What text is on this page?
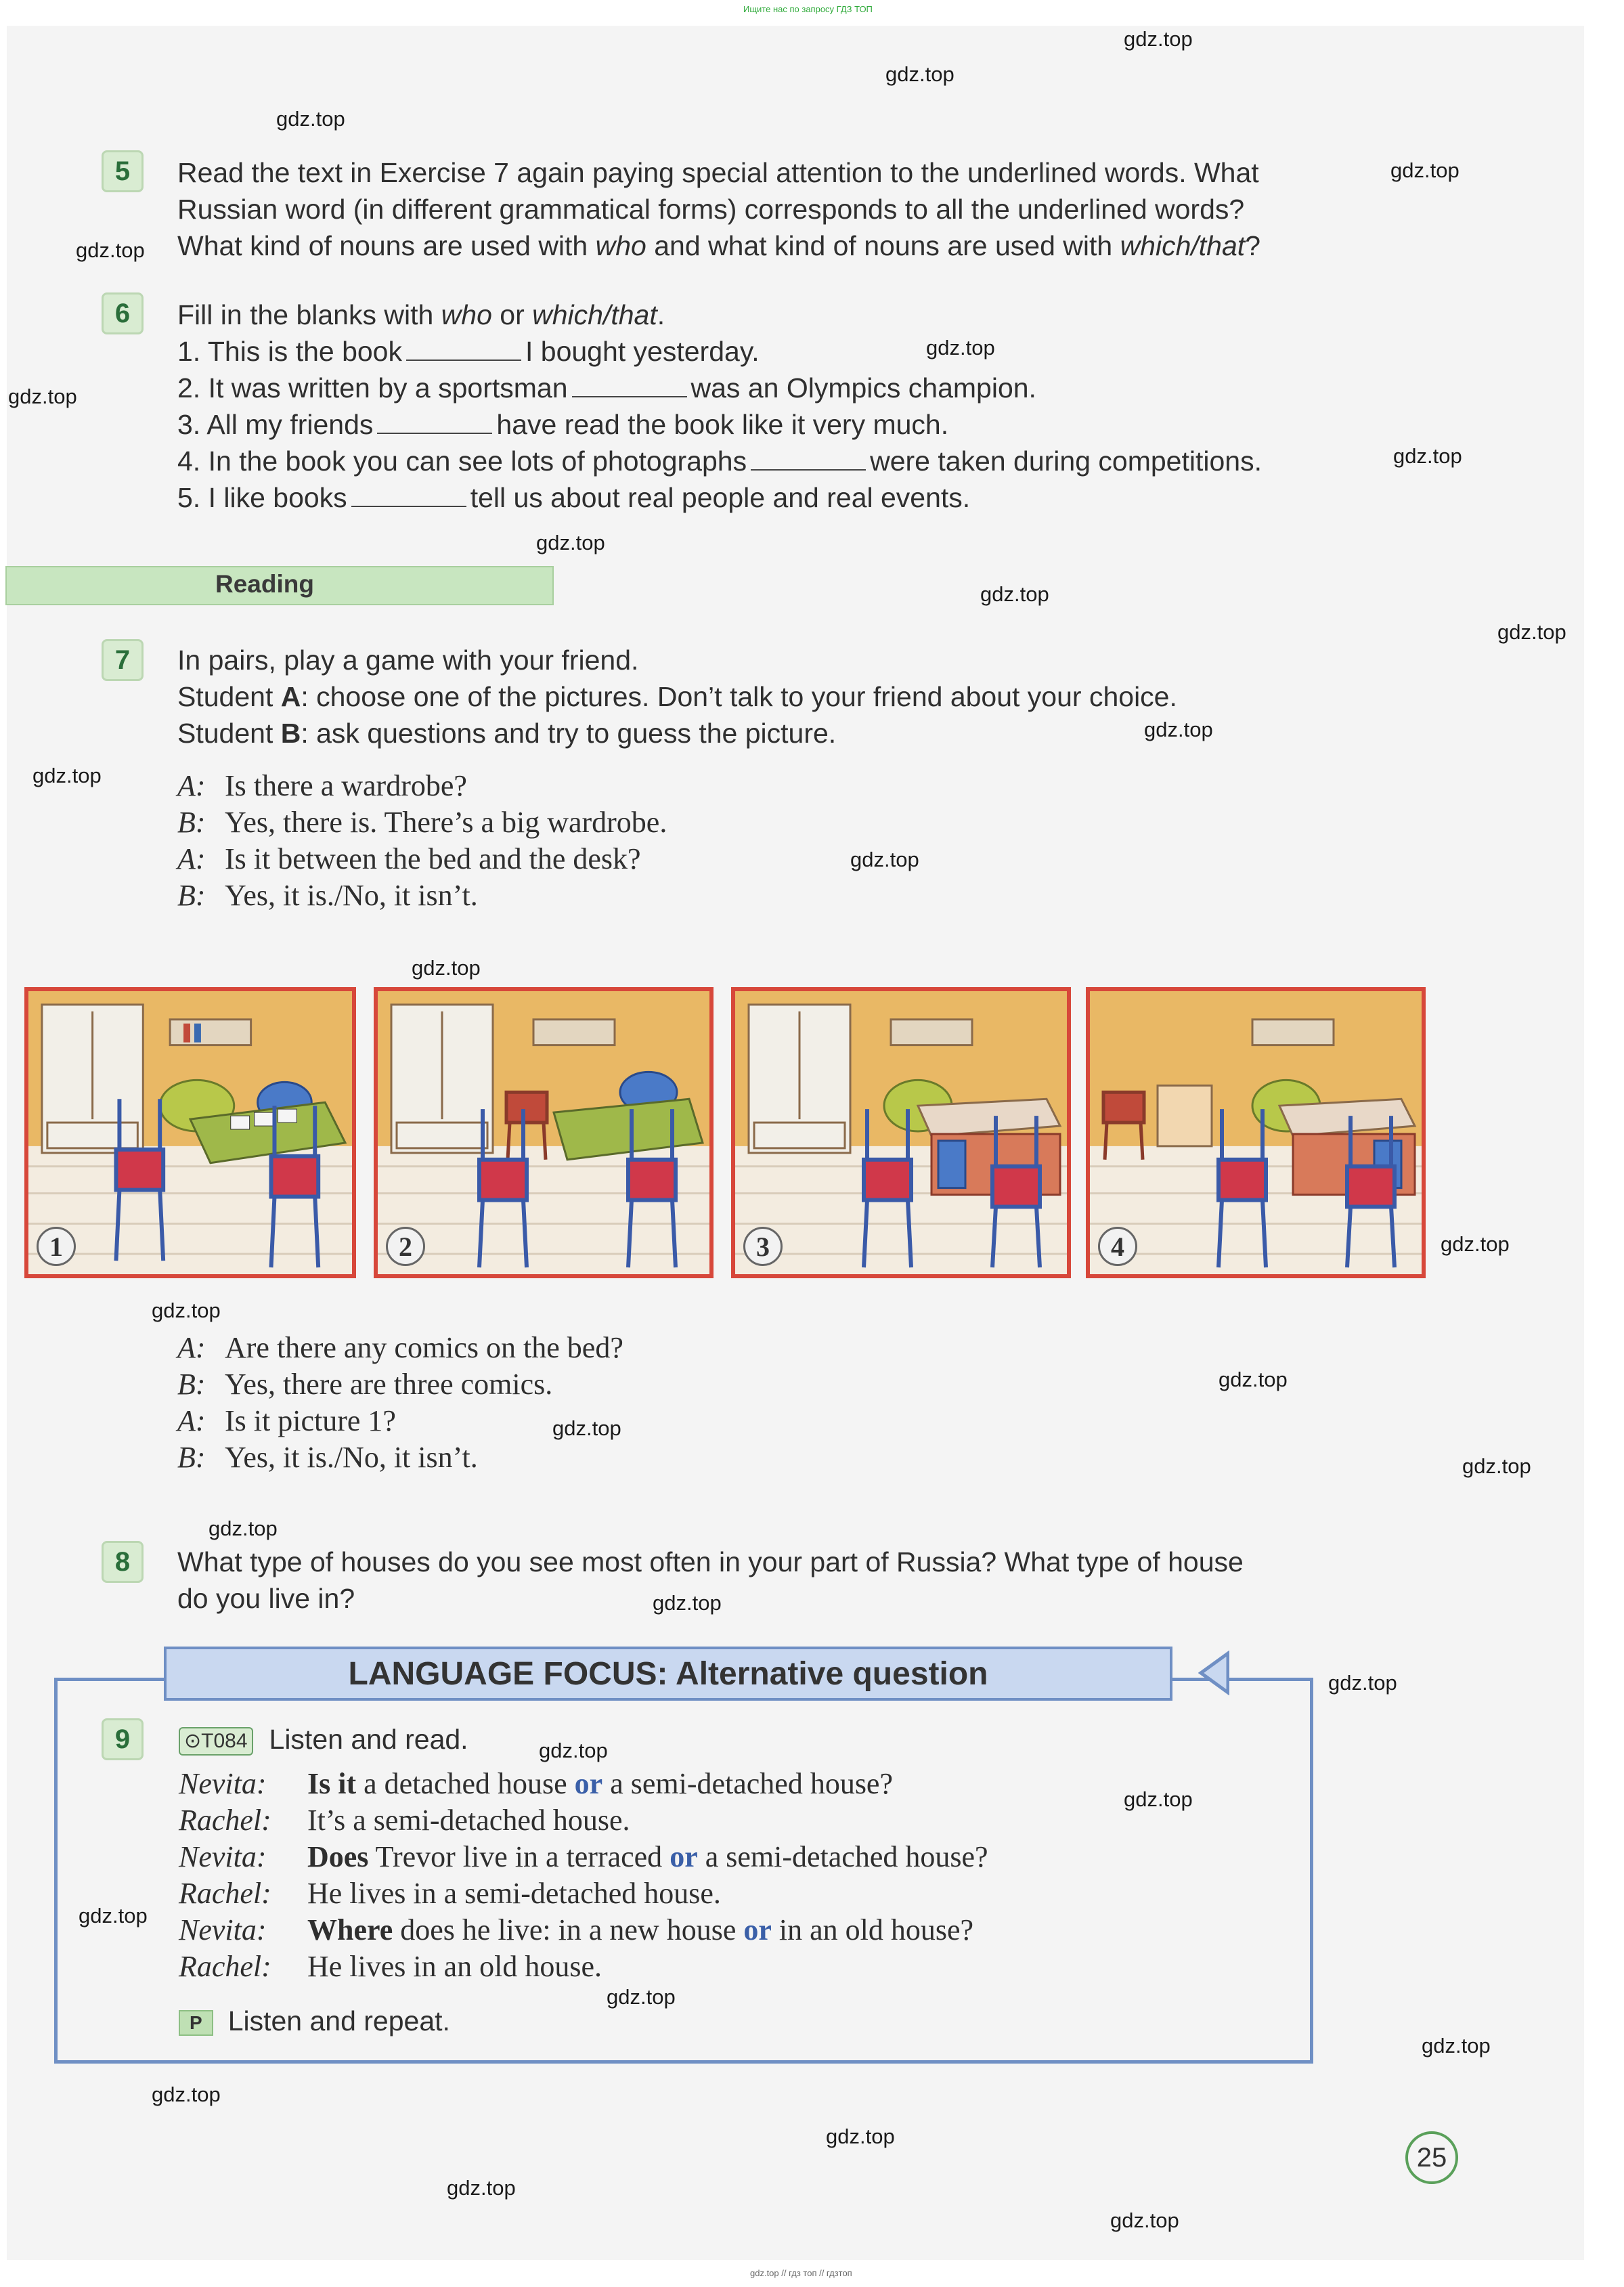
Ищите нас по запросу ГДЗ ТОП
gdz.top
gdz.top
gdz.top
gdz.top
gdz.top
gdz.top
gdz.top
gdz.top
gdz.top
gdz.top
gdz.top
gdz.top
gdz.top
gdz.top
gdz.top
gdz.top
gdz.top
gdz.top
gdz.top
gdz.top
gdz.top
gdz.top
gdz.top
gdz.top
gdz.top
gdz.top
gdz.top
gdz.top
gdz.top
gdz.top
gdz.top
gdz.top
5	Read the text in Exercise 7 again paying special attention to the underlined words. What
Russian word (in different grammatical forms) corresponds to all the underlined words?
What kind of nouns are used with who and what kind of nouns are used with which/that?
6	Fill in the blanks with who or which/that.
1. This is the book	I bought yesterday.
2. It was written by a sportsman	was an Olympics champion.
3. All my friends	have read the book like it very much.
4. In the book you can see lots of photographs	were taken during competitions.
5. I like books	tell us about real people and real events.
Reading
7	In pairs, play a game with your friend.
Student A: choose one of the pictures. Don’t talk to your friend about your choice.
Student B: ask questions and try to guess the picture.
A: Is there a wardrobe?
B: Yes, there is. There’s a big wardrobe.
A: Is it between the bed and the desk?
B: Yes, it is./No, it isn’t.
1	2	3	4
A: Are there any comics on the bed?
B: Yes, there are three comics.
A: Is it picture 1?
B: Yes, it is./No, it isn’t.
8	What type of houses do you see most often in your part of Russia? What type of house
do you live in?
LANGUAGE FOCUS: Alternative question
9	⊙T084 Listen and read.
Nevita: Is it a detached house or a semi-detached house?
Rachel: It’s a semi-detached house.
Nevita: Does Trevor live in a terraced or a semi-detached house?
Rachel: He lives in a semi-detached house.
Nevita: Where does he live: in a new house or in an old house?
Rachel: He lives in an old house.
P Listen and repeat.
25
gdz.top // гдз топ // гдзтоп
